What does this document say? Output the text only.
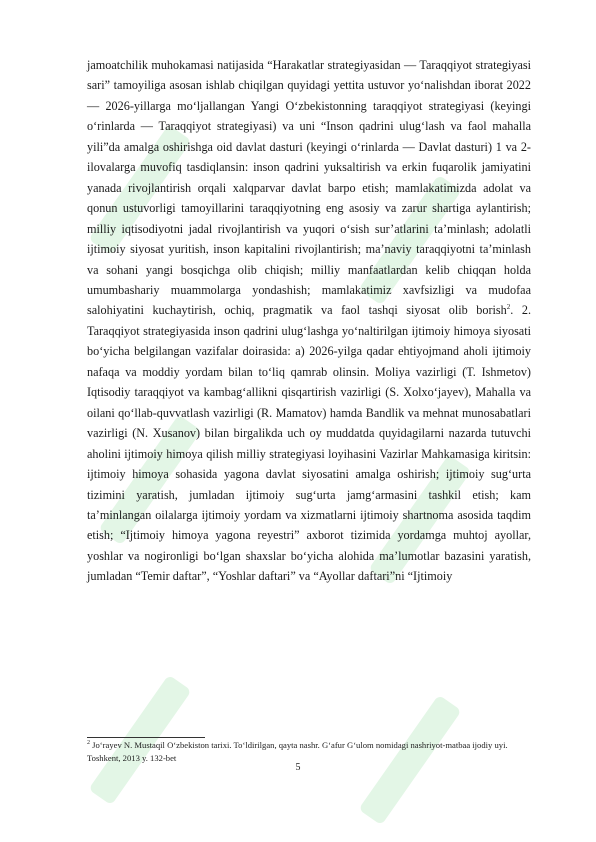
jamoatchilik muhokamasi natijasida “Harakatlar strategiyasidan — Taraqqiyot strategiyasi sari” tamoyiliga asosan ishlab chiqilgan quyidagi yettita ustuvor yo‘nalishdan iborat 2022 — 2026-yillarga mo‘ljallangan Yangi O‘zbekistonning taraqqiyot strategiyasi (keyingi o‘rinlarda — Taraqqiyot strategiyasi) va uni “Inson qadrini ulug‘lash va faol mahalla yili”da amalga oshirishga oid davlat dasturi (keyingi o‘rinlarda — Davlat dasturi) 1 va 2-ilovalarga muvofiq tasdiqlansin: inson qadrini yuksaltirish va erkin fuqarolik jamiyatini yanada rivojlantirish orqali xalqparvar davlat barpo etish; mamlakatimizda adolat va qonun ustuvorligi tamoyillarini taraqqiyotning eng asosiy va zarur shartiga aylantirish; milliy iqtisodiyotni jadal rivojlantirish va yuqori o‘sish sur’atlarini ta’minlash; adolatli ijtimoiy siyosat yuritish, inson kapitalini rivojlantirish; ma’naviy taraqqiyotni ta’minlash va sohani yangi bosqichga olib chiqish; milliy manfaatlardan kelib chiqqan holda umumbashariy muammolarga yondashish; mamlakatimiz xavfsizligi va mudofaa salohiyatini kuchaytirish, ochiq, pragmatik va faol tashqi siyosat olib borish$^2$. 2. Taraqqiyot strategiyasida inson qadrini ulug‘lashga yo‘naltirilgan ijtimoiy himoya siyosati bo‘yicha belgilangan vazifalar doirasida: a) 2026-yilga qadar ehtiyojmand aholi ijtimoiy nafaqa va moddiy yordam bilan to‘liq qamrab olinsin. Moliya vazirligi (T. Ishmetov) Iqtisodiy taraqqiyot va kambag‘allikni qisqartirish vazirligi (S. Xolxo‘jayev), Mahalla va oilani qo‘llab-quvvatlash vazirligi (R. Mamatov) hamda Bandlik va mehnat munosabatlari vazirligi (N. Xusanov) bilan birgalikda uch oy muddatda quyidagilarni nazarda tutuvchi aholini ijtimoiy himoya qilish milliy strategiyasi loyihasini Vazirlar Mahkamasiga kiritsin: ijtimoiy himoya sohasida yagona davlat siyosatini amalga oshirish; ijtimoiy sug‘urta tizimini yaratish, jumladan ijtimoiy sug‘urta jamg‘armasini tashkil etish; kam ta’minlangan oilalarga ijtimoiy yordam va xizmatlarni ijtimoiy shartnoma asosida taqdim etish; “Ijtimoiy himoya yagona reyestri” axborot tizimida yordamga muhtoj ayollar, yoshlar va nogironligi bo‘lgan shaxslar bo‘yicha alohida ma’lumotlar bazasini yaratish, jumladan “Temir daftar”, “Yoshlar daftari” va “Ayollar daftari”ni “Ijtimoiy

$^2$ Jo‘rayev N. Mustaqil O‘zbekiston tarixi. To‘ldirilgan, qayta nashr. G‘afur G‘ulom nomidagi nashriyot-matbaa ijodiy uyi. Toshkent, 2013 y. 132-bet
5
